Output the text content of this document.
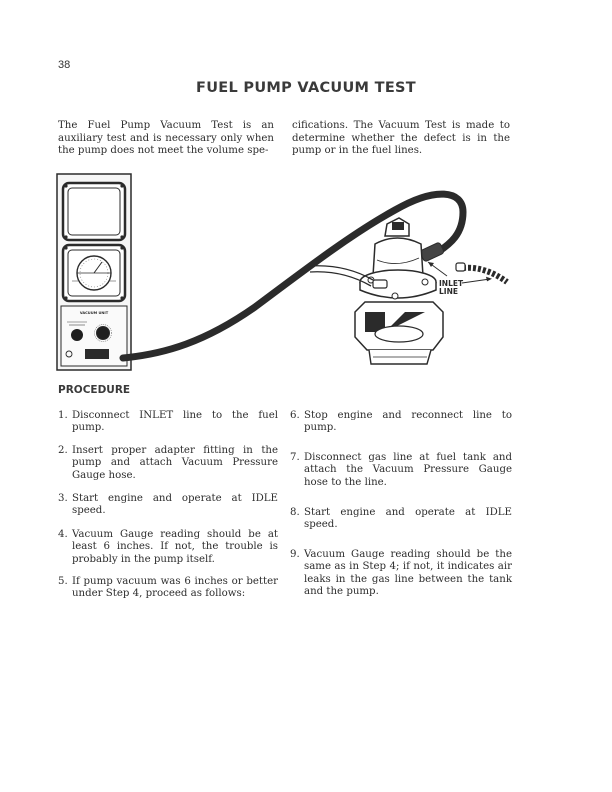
38
FUEL PUMP VACUUM TEST
The Fuel Pump Vacuum Test is an auxiliary test and is necessary only when the pump does not meet the volume spe-
cifications. The Vacuum Test is made to determine whether the defect is in the pump or in the fuel lines.
VACUUM UNIT
INLET
LINE
PROCEDURE
1. Disconnect INLET line to the fuel pump.
2. Insert proper adapter fitting in the pump and attach Vacuum Pressure Gauge hose.
3. Start engine and operate at IDLE speed.
4. Vacuum Gauge reading should be at least 6 inches. If not, the trouble is probably in the pump itself.
5. If pump vacuum was 6 inches or better under Step 4, proceed as follows:
6. Stop engine and reconnect line to pump.
7. Disconnect gas line at fuel tank and attach the Vacuum Pressure Gauge hose to the line.
8. Start engine and operate at IDLE speed.
9. Vacuum Gauge reading should be the same as in Step 4; if not, it indicates air leaks in the gas line between the tank and the pump.
